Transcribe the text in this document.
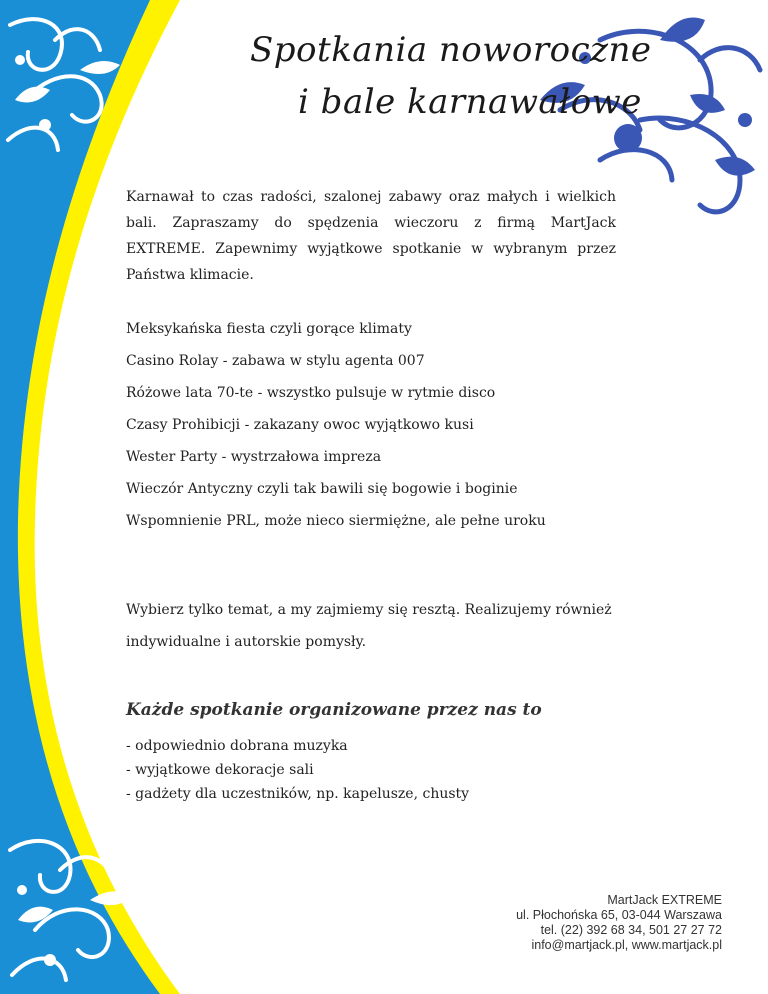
Spotkania noworoczne
i bale karnawałowe

Karnawał to czas radości, szalonej zabawy oraz małych i wielkich bali. Zapraszamy do spędzenia wieczoru z firmą MartJack EXTREME. Zapewnimy wyjątkowe spotkanie w wybranym przez Państwa klimacie.

Meksykańska fiesta czyli gorące klimaty
Casino Rolay - zabawa w stylu agenta 007
Różowe lata 70-te - wszystko pulsuje w rytmie disco
Czasy Prohibicji - zakazany owoc wyjątkowo kusi
Wester Party - wystrzałowa impreza
Wieczór Antyczny czyli tak bawili się bogowie i boginie
Wspomnienie PRL, może nieco siermiężne, ale pełne uroku
Wybierz tylko temat, a my zajmiemy się resztą. Realizujemy również
indywidualne i autorskie pomysły.
Każde spotkanie organizowane przez nas to
- odpowiednio dobrana muzyka
- wyjątkowe dekoracje sali
- gadżety dla uczestników, np. kapelusze, chusty
MartJack EXTREME
ul. Płochońska 65, 03-044 Warszawa
tel. (22) 392 68 34, 501 27 27 72
info@martjack.pl, www.martjack.pl
